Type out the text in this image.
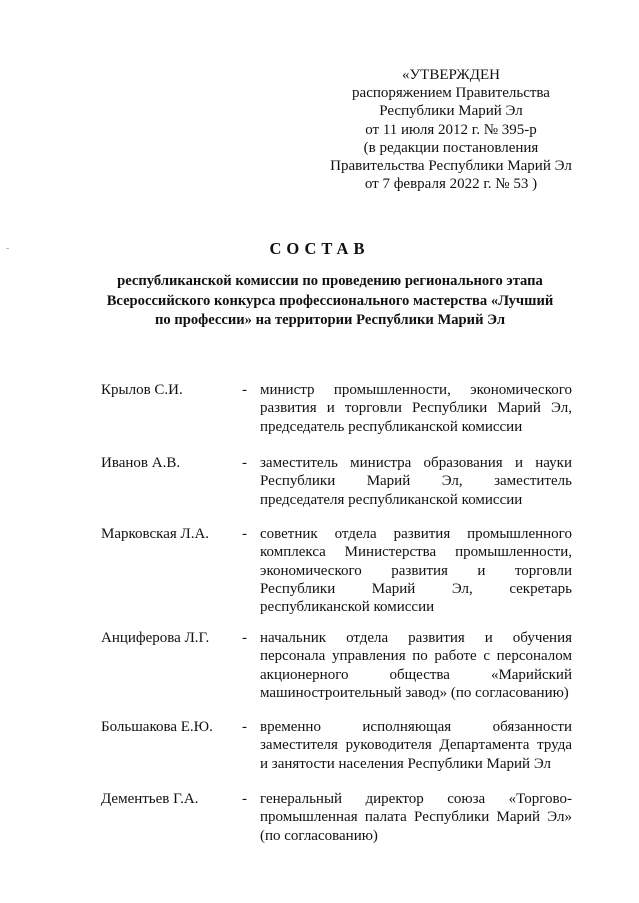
«УТВЕРЖДЕН
распоряжением Правительства
Республики Марий Эл
от 11 июля 2012 г. № 395-р
(в редакции постановления
Правительства Республики Марий Эл
от 7 февраля 2022 г. № 53 )
СОСТАВ
республиканской комиссии по проведению регионального этапа
Всероссийского конкурса профессионального мастерства «Лучший
по профессии» на территории Республики Марий Эл
Крылов С.И.	- министр промышленности, экономического
развития и торговли Республики Марий Эл,
председатель республиканской комиссии
Иванов А.В.	- заместитель министра образования и науки
Республики Марий Эл, заместитель
председателя республиканской комиссии
Марковская Л.А. - советник отдела развития промышленного
комплекса Министерства промышленности,
экономического развития и торговли
Республики Марий Эл, секретарь
республиканской комиссии
Анциферова Л.Г. - начальник отдела развития и обучения
персонала управления по работе с персоналом
акционерного	общества	«Марийский
машиностроительный завод» (по согласованию)
Большакова Е.Ю. - временно	исполняющая	обязанности
заместителя руководителя Департамента труда
и занятости населения Республики Марий Эл
Дементьев Г.А.	- генеральный директор союза «Торгово-
промышленная палата Республики Марий Эл»
(по согласованию)
